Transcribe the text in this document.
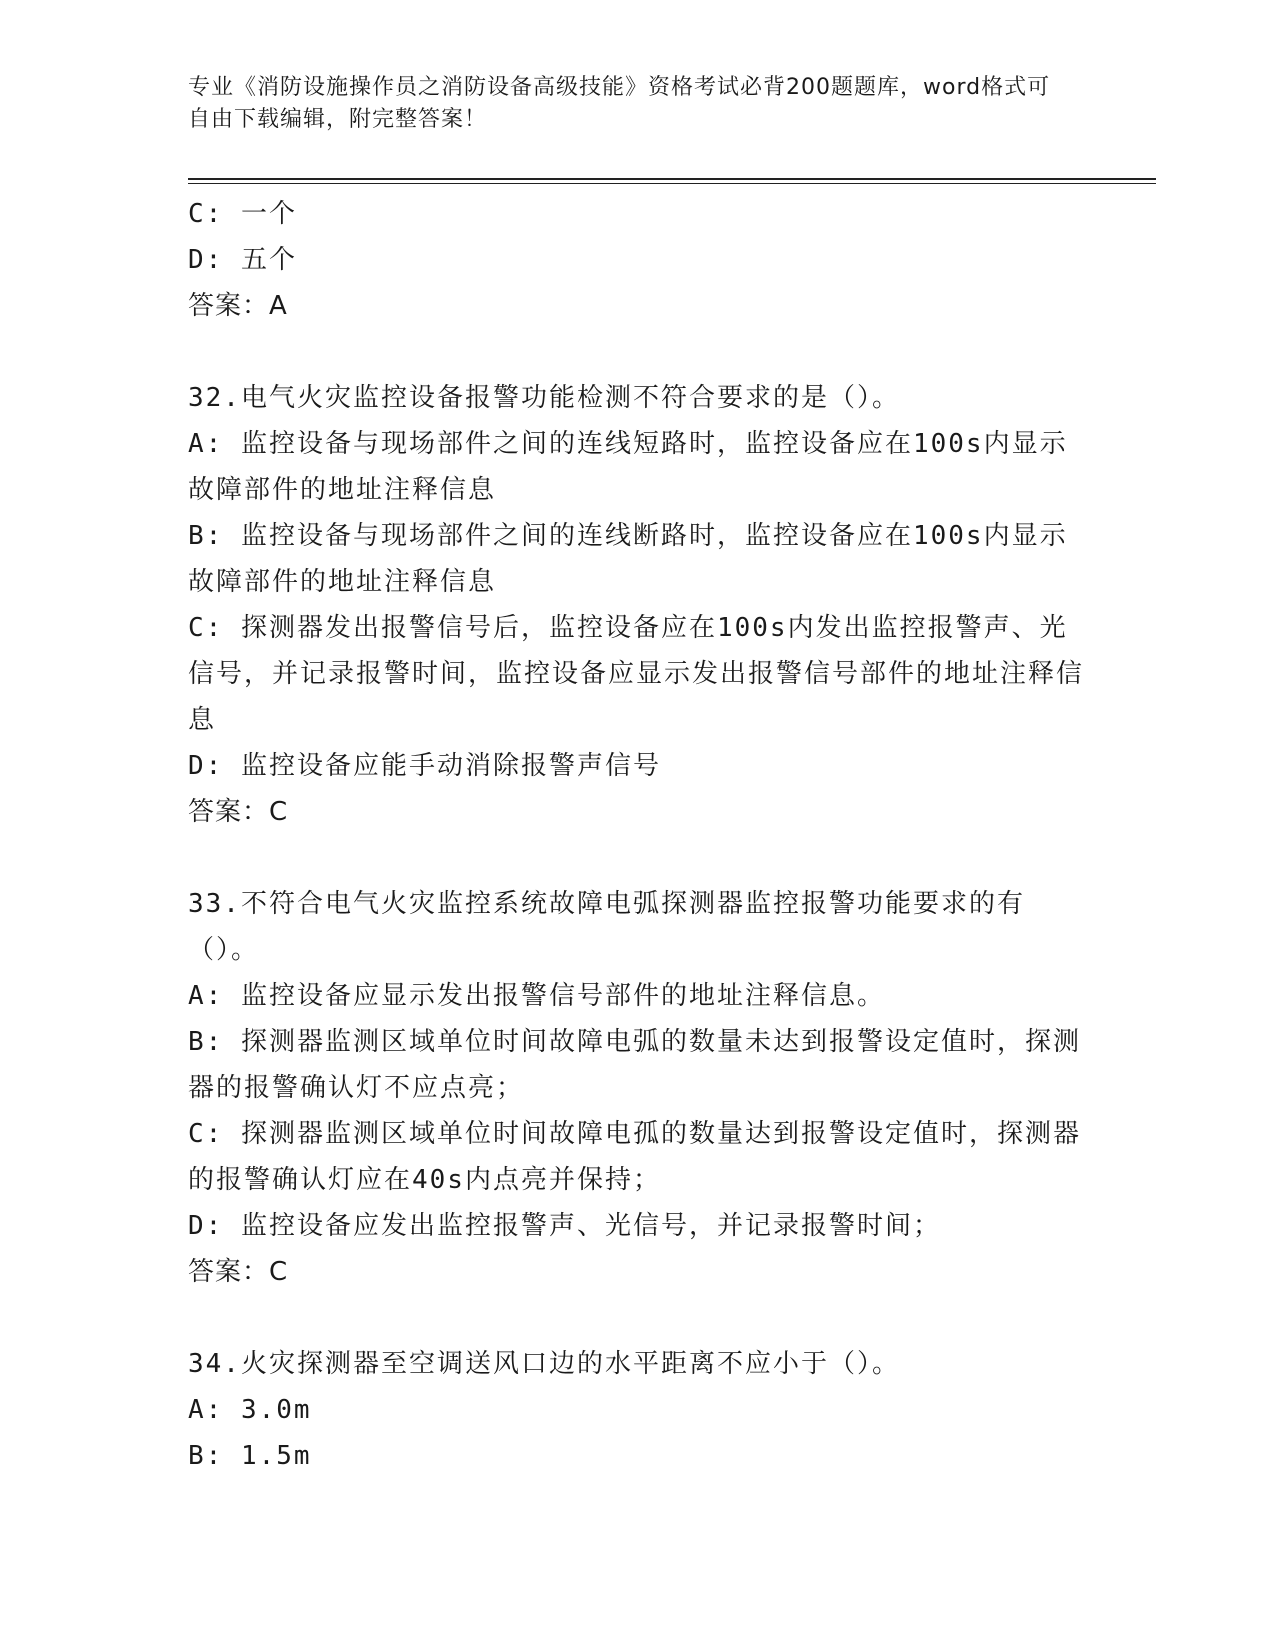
专业《消防设施操作员之消防设备高级技能》资格考试必背200题题库，word格式可自由下载编辑，附完整答案！

C: 一个

D: 五个

答案：A

32.电气火灾监控设备报警功能检测不符合要求的是（）。

A: 监控设备与现场部件之间的连线短路时，监控设备应在100s内显示故障部件的地址注释信息

B: 监控设备与现场部件之间的连线断路时，监控设备应在100s内显示故障部件的地址注释信息

C: 探测器发出报警信号后，监控设备应在100s内发出监控报警声、光信号，并记录报警时间，监控设备应显示发出报警信号部件的地址注释信息

D: 监控设备应能手动消除报警声信号

答案：C

33.不符合电气火灾监控系统故障电弧探测器监控报警功能要求的有（）。

A: 监控设备应显示发出报警信号部件的地址注释信息。

B: 探测器监测区域单位时间故障电弧的数量未达到报警设定值时，探测器的报警确认灯不应点亮；

C: 探测器监测区域单位时间故障电孤的数量达到报警设定值时，探测器的报警确认灯应在40s内点亮并保持；

D: 监控设备应发出监控报警声、光信号，并记录报警时间；

答案：C

34.火灾探测器至空调送风口边的水平距离不应小于（）。

A: 3.0m

B: 1.5m
